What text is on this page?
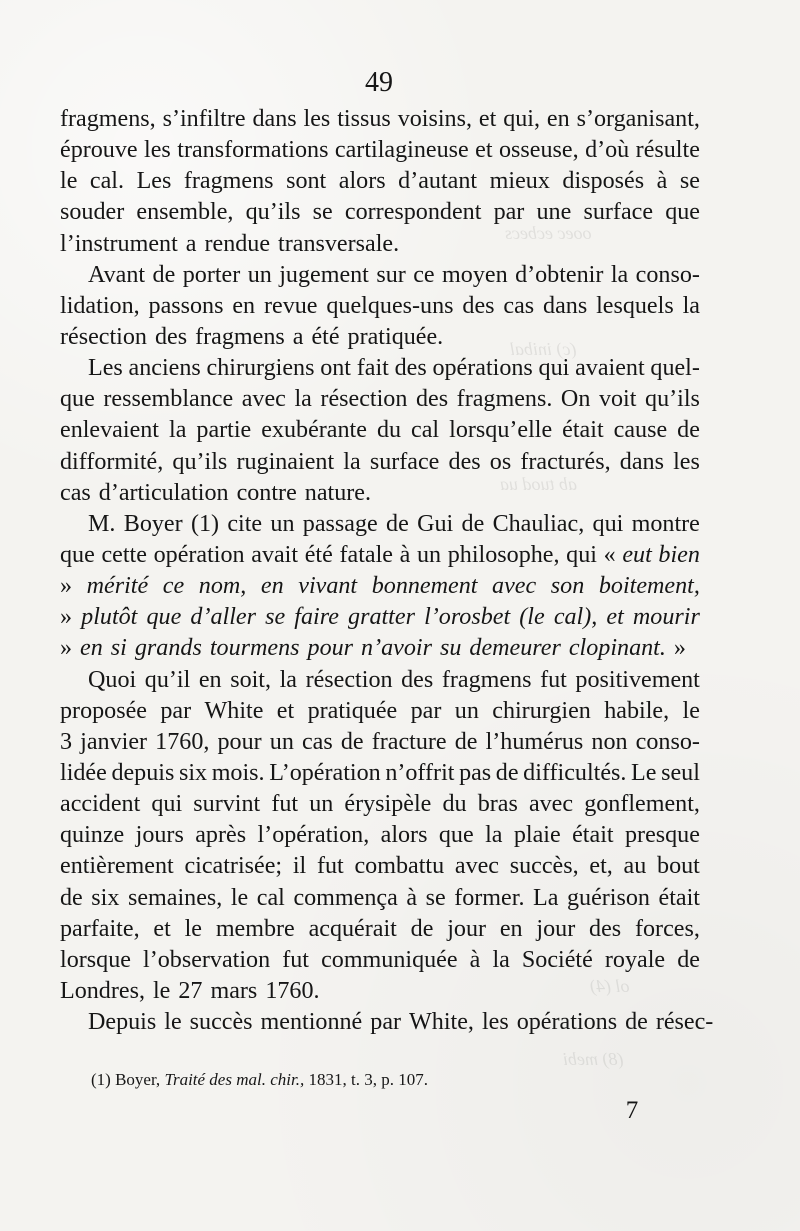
ooec ecbecs
(c) inibal
ab tuod ua
ol (4)
(8) mebi
49
fragmens, s’infiltre dans les tissus voisins, et qui, en s’organisant,
éprouve les transformations cartilagineuse et osseuse, d’où résulte
le cal. Les fragmens sont alors d’autant mieux disposés à se
souder ensemble, qu’ils se correspondent par une surface que
l’instrument a rendue transversale.
Avant de porter un jugement sur ce moyen d’obtenir la conso-
lidation, passons en revue quelques-uns des cas dans lesquels la
résection des fragmens a été pratiquée.
Les anciens chirurgiens ont fait des opérations qui avaient quel-
que ressemblance avec la résection des fragmens. On voit qu’ils
enlevaient la partie exubérante du cal lorsqu’elle était cause de
difformité, qu’ils ruginaient la surface des os fracturés, dans les
cas d’articulation contre nature.
M. Boyer (1) cite un passage de Gui de Chauliac, qui montre
que cette opération avait été fatale à un philosophe, qui « eut bien
» mérité ce nom, en vivant bonnement avec son boitement,
» plutôt que d’aller se faire gratter l’orosbet (le cal), et mourir
» en si grands tourmens pour n’avoir su demeurer clopinant. »
Quoi qu’il en soit, la résection des fragmens fut positivement
proposée par White et pratiquée par un chirurgien habile, le
3 janvier 1760, pour un cas de fracture de l’humérus non conso-
lidée depuis six mois. L’opération n’offrit pas de difficultés. Le seul
accident qui survint fut un érysipèle du bras avec gonflement,
quinze jours après l’opération, alors que la plaie était presque
entièrement cicatrisée; il fut combattu avec succès, et, au bout
de six semaines, le cal commença à se former. La guérison était
parfaite, et le membre acquérait de jour en jour des forces,
lorsque l’observation fut communiquée à la Société royale de
Londres, le 27 mars 1760.
Depuis le succès mentionné par White, les opérations de résec-
(1) Boyer, Traité des mal. chir., 1831, t. 3, p. 107.
7
